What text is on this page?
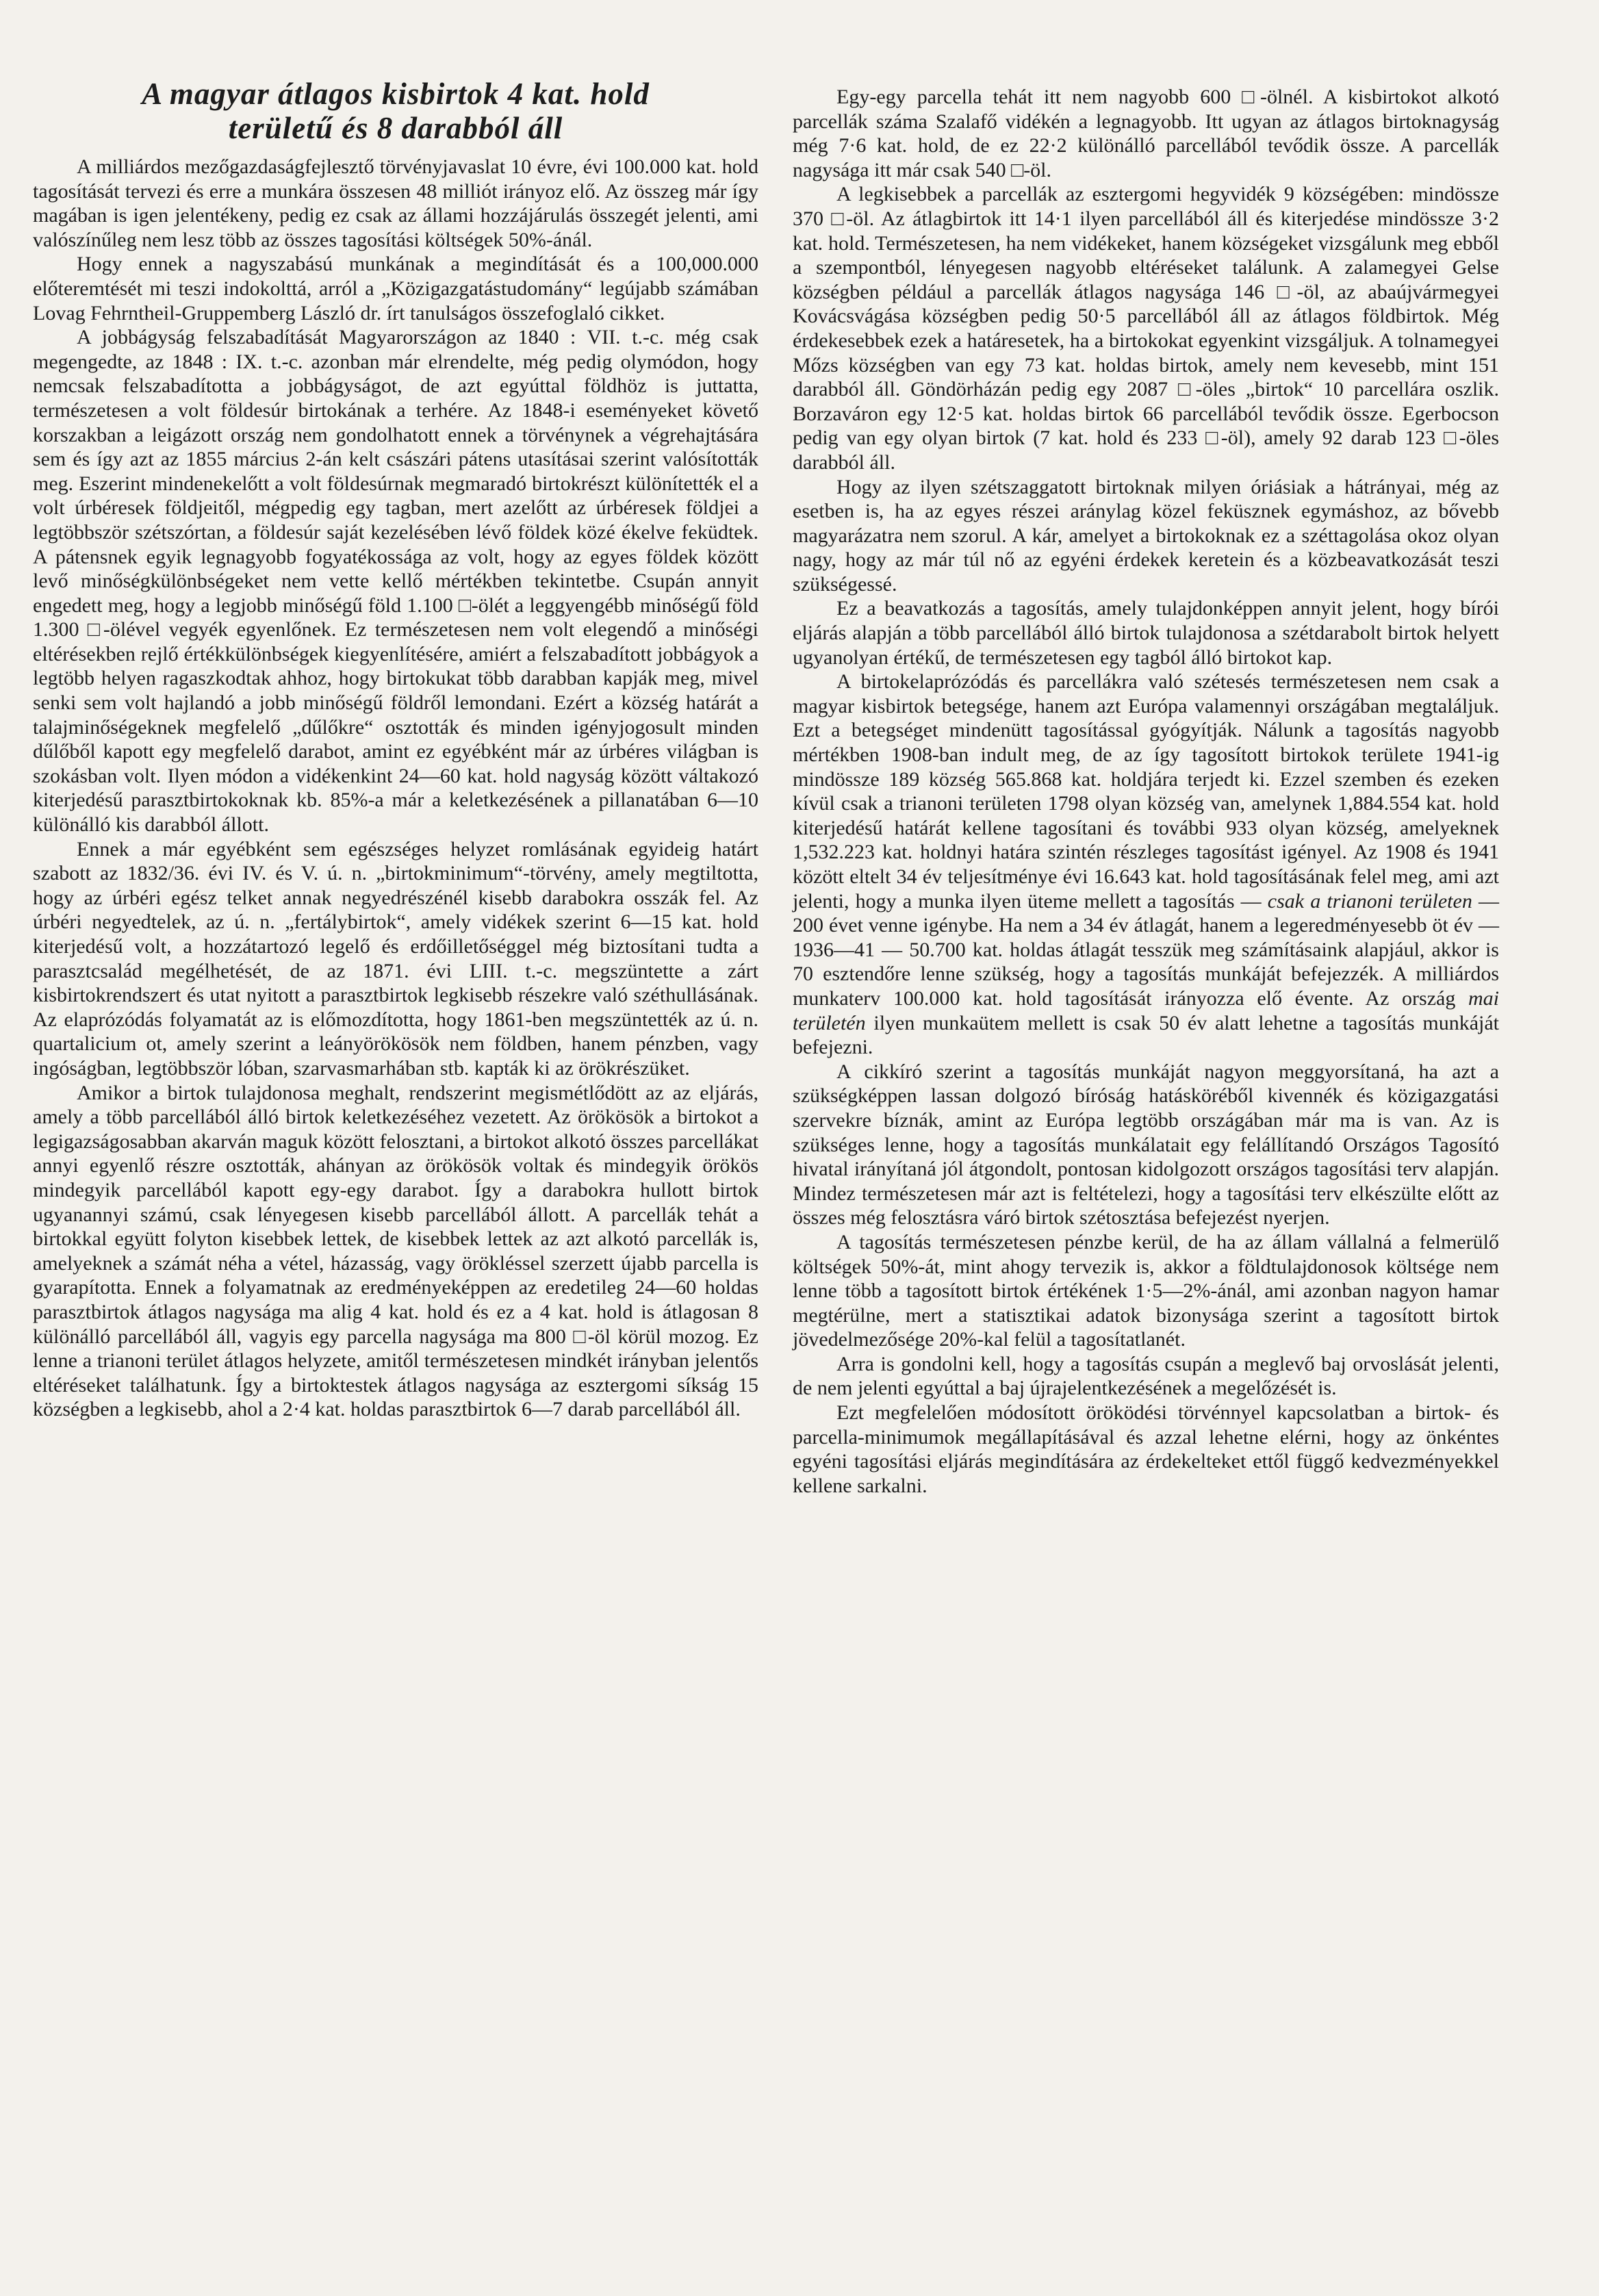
A magyar átlagos kisbirtok 4 kat. hold
területű és 8 darabból áll

A milliárdos mezőgazdaságfejlesztő törvényjavaslat 10 évre, évi 100.000 kat. hold tagosítását tervezi és erre a munkára összesen 48 milliót irányoz elő. Az összeg már így magában is igen jelentékeny, pedig ez csak az állami hozzájárulás összegét jelenti, ami valószínűleg nem lesz több az összes tagosítási költségek 50%-ánál.

Hogy ennek a nagyszabású munkának a megindítását és a 100,000.000 előteremtését mi teszi indokolttá, arról a „Közigazgatástudomány“ legújabb számában Lovag Fehrntheil-Gruppemberg László dr. írt tanulságos összefoglaló cikket.

A jobbágyság felszabadítását Magyarországon az 1840 : VII. t.-c. még csak megengedte, az 1848 : IX. t.-c. azonban már elrendelte, még pedig olymódon, hogy nemcsak felszabadította a jobbágyságot, de azt egyúttal földhöz is juttatta, természetesen a volt földesúr birtokának a terhére. Az 1848-i eseményeket követő korszakban a leigázott ország nem gondolhatott ennek a törvénynek a végrehajtására sem és így azt az 1855 március 2-án kelt császári pátens utasításai szerint valósították meg. Eszerint mindenekelőtt a volt földesúrnak megmaradó birtokrészt különítették el a volt úrbéresek földjeitől, mégpedig egy tagban, mert azelőtt az úrbéresek földjei a legtöbbször szétszórtan, a földesúr saját kezelésében lévő földek közé ékelve feküdtek. A pátensnek egyik legnagyobb fogyatékossága az volt, hogy az egyes földek között levő minőségkülönbségeket nem vette kellő mértékben tekintetbe. Csupán annyit engedett meg, hogy a legjobb minőségű föld 1.100 □-ölét a leggyengébb minőségű föld 1.300 □-ölével vegyék egyenlőnek. Ez természetesen nem volt elegendő a minőségi eltérésekben rejlő értékkülönbségek kiegyenlítésére, amiért a felszabadított jobbágyok a legtöbb helyen ragaszkodtak ahhoz, hogy birtokukat több darabban kapják meg, mivel senki sem volt hajlandó a jobb minőségű földről lemondani. Ezért a község határát a talajminőségeknek megfelelő „dűlőkre“ osztották és minden igényjogosult minden dűlőből kapott egy megfelelő darabot, amint ez egyébként már az úrbéres világban is szokásban volt. Ilyen módon a vidékenkint 24—60 kat. hold nagyság között váltakozó kiterjedésű parasztbirtokoknak kb. 85%-a már a keletkezésének a pillanatában 6—10 különálló kis darabból állott.

Ennek a már egyébként sem egészséges helyzet romlásának egyideig határt szabott az 1832/36. évi IV. és V. ú. n. „birtokminimum“-törvény, amely megtiltotta, hogy az úrbéri egész telket annak negyedrészénél kisebb darabokra osszák fel. Az úrbéri negyedtelek, az ú. n. „fertálybirtok“, amely vidékek szerint 6—15 kat. hold kiterjedésű volt, a hozzátartozó legelő és erdőilletőséggel még biztosítani tudta a parasztcsalád megélhetését, de az 1871. évi LIII. t.-c. megszüntette a zárt kisbirtokrendszert és utat nyitott a parasztbirtok legkisebb részekre való széthullásának. Az elaprózódás folyamatát az is előmozdította, hogy 1861-ben megszüntették az ú. n. quartalicium ot, amely szerint a leányörökösök nem földben, hanem pénzben, vagy ingóságban, legtöbbször lóban, szarvasmarhában stb. kapták ki az örökrészüket.

Amikor a birtok tulajdonosa meghalt, rendszerint megismétlődött az az eljárás, amely a több parcellából álló birtok keletkezéséhez vezetett. Az örökösök a birtokot a legigazságosabban akarván maguk között felosztani, a birtokot alkotó összes parcellákat annyi egyenlő részre osztották, ahányan az örökösök voltak és mindegyik örökös mindegyik parcellából kapott egy-egy darabot. Így a darabokra hullott birtok ugyanannyi számú, csak lényegesen kisebb parcellából állott. A parcellák tehát a birtokkal együtt folyton kisebbek lettek, de kisebbek lettek az azt alkotó parcellák is, amelyeknek a számát néha a vétel, házasság, vagy örökléssel szerzett újabb parcella is gyarapította. Ennek a folyamatnak az eredményeképpen az eredetileg 24—60 holdas parasztbirtok átlagos nagysága ma alig 4 kat. hold és ez a 4 kat. hold is átlagosan 8 különálló parcellából áll, vagyis egy parcella nagysága ma 800 □-öl körül mozog. Ez lenne a trianoni terület átlagos helyzete, amitől természetesen mindkét irányban jelentős eltéréseket találhatunk. Így a birtoktestek átlagos nagysága az esztergomi síkság 15 községben a legkisebb, ahol a 2·4 kat. holdas parasztbirtok 6—7 darab parcellából áll.

Egy-egy parcella tehát itt nem nagyobb 600 □-ölnél. A kisbirtokot alkotó parcellák száma Szalafő vidékén a legnagyobb. Itt ugyan az átlagos birtoknagyság még 7·6 kat. hold, de ez 22·2 különálló parcellából tevődik össze. A parcellák nagysága itt már csak 540 □-öl.

A legkisebbek a parcellák az esztergomi hegyvidék 9 községében: mindössze 370 □-öl. Az átlagbirtok itt 14·1 ilyen parcellából áll és kiterjedése mindössze 3·2 kat. hold. Természetesen, ha nem vidékeket, hanem községeket vizsgálunk meg ebből a szempontból, lényegesen nagyobb eltéréseket találunk. A zalamegyei Gelse községben például a parcellák átlagos nagysága 146 □-öl, az abaújvármegyei Kovácsvágása községben pedig 50·5 parcellából áll az átlagos földbirtok. Még érdekesebbek ezek a határesetek, ha a birtokokat egyenkint vizsgáljuk. A tolnamegyei Mőzs községben van egy 73 kat. holdas birtok, amely nem kevesebb, mint 151 darabból áll. Göndörházán pedig egy 2087 □-öles „birtok“ 10 parcellára oszlik. Borzaváron egy 12·5 kat. holdas birtok 66 parcellából tevődik össze. Egerbocson pedig van egy olyan birtok (7 kat. hold és 233 □-öl), amely 92 darab 123 □-öles darabból áll.

Hogy az ilyen szétszaggatott birtoknak milyen óriásiak a hátrányai, még az esetben is, ha az egyes részei aránylag közel feküsznek egymáshoz, az bővebb magyarázatra nem szorul. A kár, amelyet a birtokoknak ez a széttagolása okoz olyan nagy, hogy az már túl nő az egyéni érdekek keretein és a közbeavatkozását teszi szükségessé.

Ez a beavatkozás a tagosítás, amely tulajdonképpen annyit jelent, hogy bírói eljárás alapján a több parcellából álló birtok tulajdonosa a szétdarabolt birtok helyett ugyanolyan értékű, de természetesen egy tagból álló birtokot kap.

A birtokelaprózódás és parcellákra való szétesés természetesen nem csak a magyar kisbirtok betegsége, hanem azt Európa valamennyi országában megtaláljuk. Ezt a betegséget mindenütt tagosítással gyógyítják. Nálunk a tagosítás nagyobb mértékben 1908-ban indult meg, de az így tagosított birtokok területe 1941-ig mindössze 189 község 565.868 kat. holdjára terjedt ki. Ezzel szemben és ezeken kívül csak a trianoni területen 1798 olyan község van, amelynek 1,884.554 kat. hold kiterjedésű határát kellene tagosítani és további 933 olyan község, amelyeknek 1,532.223 kat. holdnyi határa szintén részleges tagosítást igényel. Az 1908 és 1941 között eltelt 34 év teljesítménye évi 16.643 kat. hold tagosításának felel meg, ami azt jelenti, hogy a munka ilyen üteme mellett a tagosítás — csak a trianoni területen — 200 évet venne igénybe. Ha nem a 34 év átlagát, hanem a legeredményesebb öt év — 1936—41 — 50.700 kat. holdas átlagát tesszük meg számításaink alapjául, akkor is 70 esztendőre lenne szükség, hogy a tagosítás munkáját befejezzék. A milliárdos munkaterv 100.000 kat. hold tagosítását irányozza elő évente. Az ország mai területén ilyen munkaütem mellett is csak 50 év alatt lehetne a tagosítás munkáját befejezni.

A cikkíró szerint a tagosítás munkáját nagyon meggyorsítaná, ha azt a szükségképpen lassan dolgozó bíróság hatásköréből kivennék és közigazgatási szervekre bíznák, amint az Európa legtöbb országában már ma is van. Az is szükséges lenne, hogy a tagosítás munkálatait egy felállítandó Országos Tagosító hivatal irányítaná jól átgondolt, pontosan kidolgozott országos tagosítási terv alapján. Mindez természetesen már azt is feltételezi, hogy a tagosítási terv elkészülte előtt az összes még felosztásra váró birtok szétosztása befejezést nyerjen.

A tagosítás természetesen pénzbe kerül, de ha az állam vállalná a felmerülő költségek 50%-át, mint ahogy tervezik is, akkor a földtulajdonosok költsége nem lenne több a tagosított birtok értékének 1·5—2%-ánál, ami azonban nagyon hamar megtérülne, mert a statisztikai adatok bizonysága szerint a tagosított birtok jövedelmezősége 20%-kal felül a tagosítatlanét.

Arra is gondolni kell, hogy a tagosítás csupán a meglevő baj orvoslását jelenti, de nem jelenti egyúttal a baj újrajelentkezésének a megelőzését is.

Ezt megfelelően módosított öröködési törvénnyel kapcsolatban a birtok- és parcella-minimumok megállapításával és azzal lehetne elérni, hogy az önkéntes egyéni tagosítási eljárás megindítására az érdekelteket ettől függő kedvezményekkel kellene sarkalni.
